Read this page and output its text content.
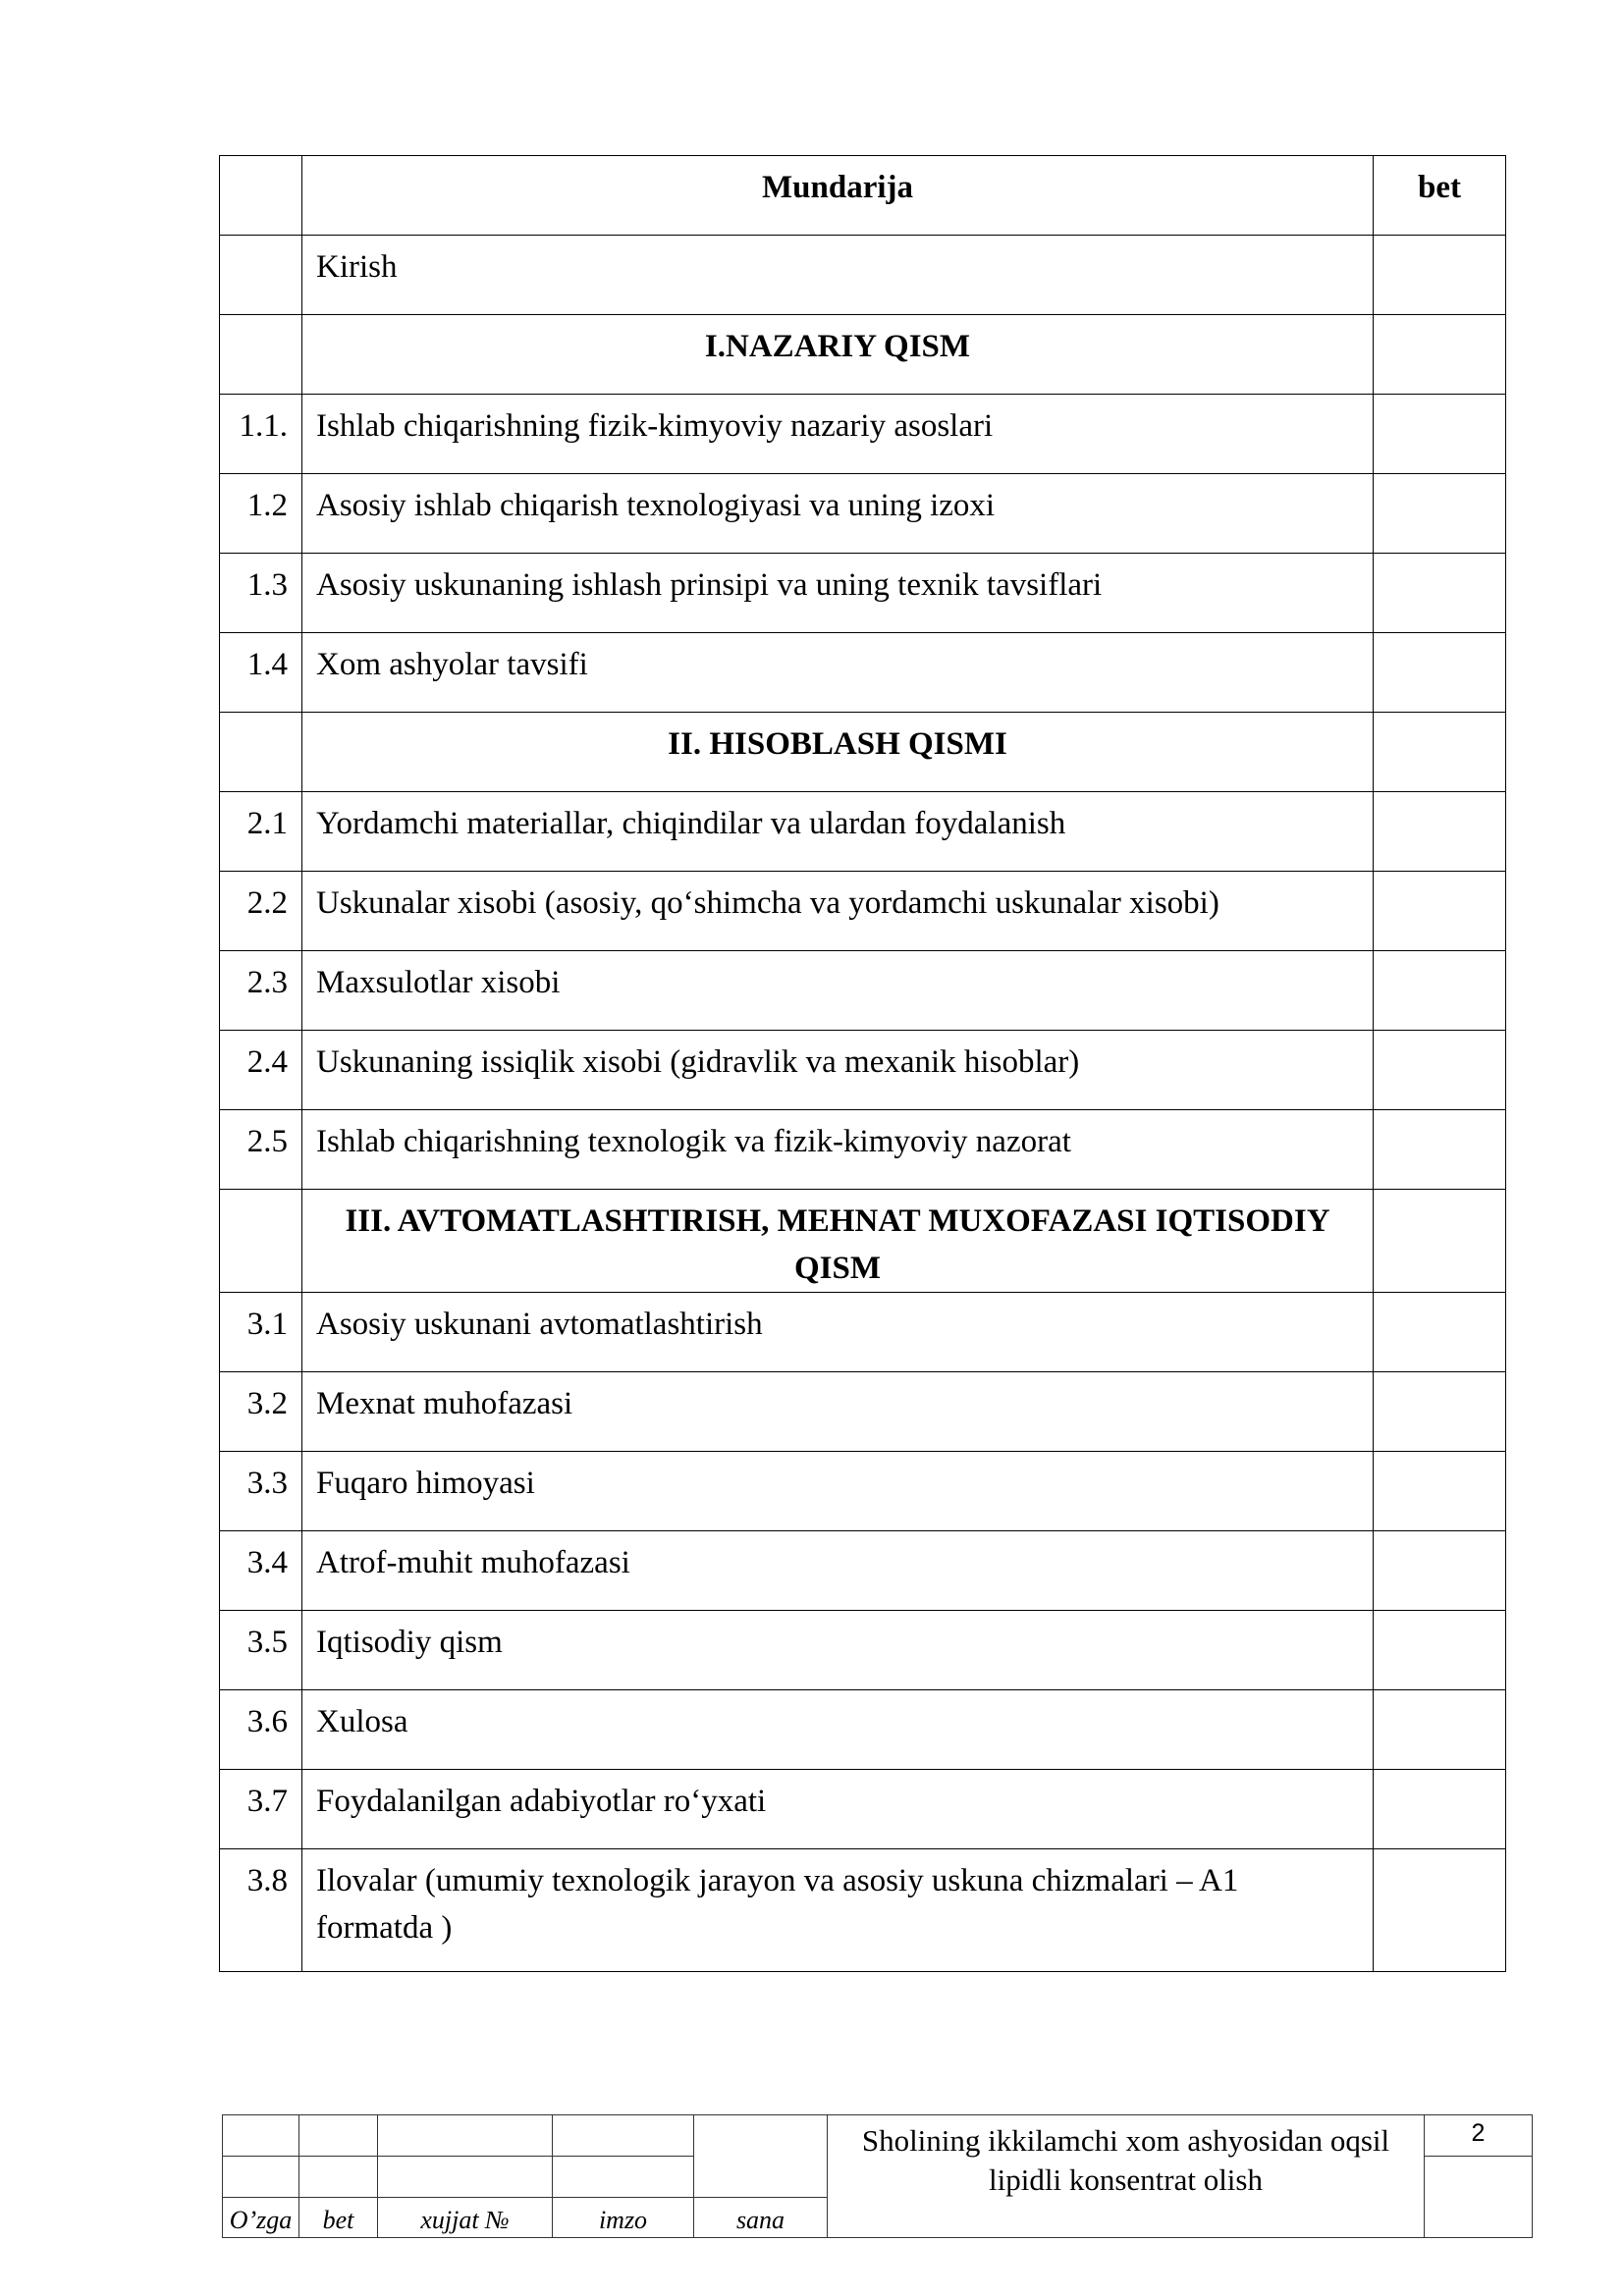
	Mundarija	bet
	Kirish	
	I.NAZARIY QISM	
1.1.	Ishlab chiqarishning fizik-kimyoviy nazariy asoslari	
1.2	Asosiy ishlab chiqarish texnologiyasi va uning izoxi	
1.3	Asosiy uskunaning ishlash prinsipi va uning texnik tavsiflari	
1.4	Xom ashyolar tavsifi	
	II. HISOBLASH QISMI	
2.1	Yordamchi materiallar, chiqindilar va ulardan foydalanish	
2.2	Uskunalar xisobi (asosiy, qo‘shimcha va yordamchi uskunalar xisobi)	
2.3	Maxsulotlar xisobi	
2.4	Uskunaning issiqlik xisobi (gidravlik va mexanik hisoblar)	
2.5	Ishlab chiqarishning texnologik va fizik-kimyoviy nazorat	
	III. AVTOMATLASHTIRISH, MEHNAT MUXOFAZASI IQTISODIY QISM	
3.1	Asosiy uskunani avtomatlashtirish	
3.2	Mexnat muhofazasi	
3.3	Fuqaro himoyasi	
3.4	Atrof-muhit muhofazasi	
3.5	Iqtisodiy qism	
3.6	Xulosa	
3.7	Foydalanilgan adabiyotlar ro‘yxati	
3.8	Ilovalar (umumiy texnologik jarayon va asosiy uskuna chizmalari – A1 formatda )	
					Sholining ikkilamchi xom ashyosidan oqsil lipidli konsentrat olish	2

O’zga	bet	xujjat №	imzo	sana		
